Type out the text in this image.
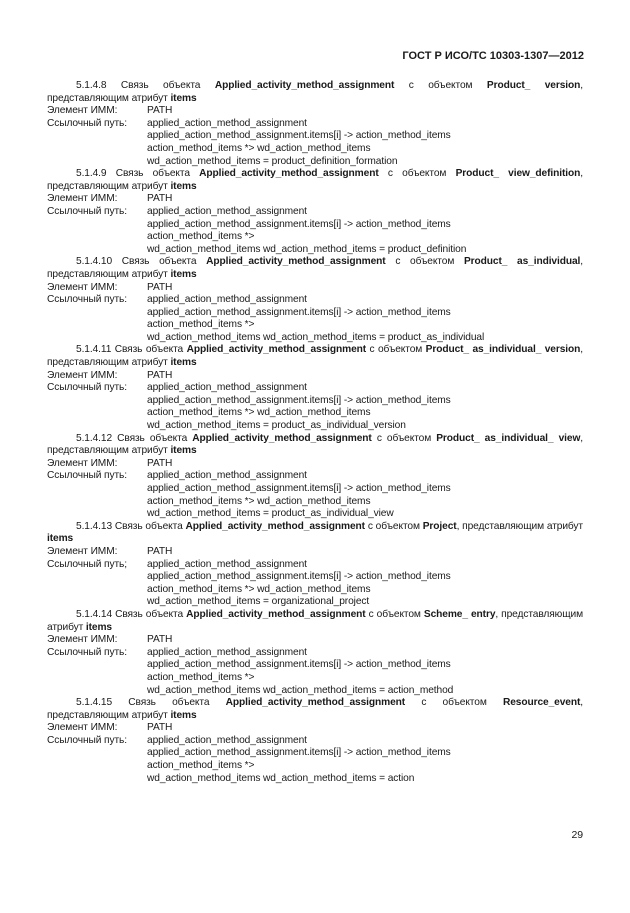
ГОСТ Р ИСО/ТС 10303-1307—2012
5.1.4.8 Связь объекта Applied_activity_method_assignment с объектом Product_ version, представляющим атрибут items
Элемент ИММ:	PATH
Ссылочный путь:	applied_action_method_assignment
applied_action_method_assignment.items[i] -> action_method_items
action_method_items *> wd_action_method_items
wd_action_method_items = product_definition_formation
5.1.4.9 Связь объекта Applied_activity_method_assignment с объектом Product_ view_definition, представляющим атрибут items
Элемент ИММ:	PATH
Ссылочный путь:	applied_action_method_assignment
applied_action_method_assignment.items[i] -> action_method_items
action_method_items *>
wd_action_method_items wd_action_method_items = product_definition
5.1.4.10 Связь объекта Applied_activity_method_assignment с объектом Product_ as_individual, представляющим атрибут items
Элемент ИММ:	PATH
Ссылочный путь:	applied_action_method_assignment
applied_action_method_assignment.items[i] -> action_method_items
action_method_items *>
wd_action_method_items wd_action_method_items = product_as_individual
5.1.4.11 Связь объекта Applied_activity_method_assignment с объектом Product_ as_individual_ version, представляющим атрибут items
Элемент ИММ:	PATH
Ссылочный путь:	applied_action_method_assignment
applied_action_method_assignment.items[i] -> action_method_items
action_method_items *> wd_action_method_items
wd_action_method_items = product_as_individual_version
5.1.4.12 Связь объекта Applied_activity_method_assignment с объектом Product_ as_individual_ view, представляющим атрибут items
Элемент ИММ:	PATH
Ссылочный путь:	applied_action_method_assignment
applied_action_method_assignment.items[i] -> action_method_items
action_method_items *> wd_action_method_items
wd_action_method_items = product_as_individual_view
5.1.4.13 Связь объекта Applied_activity_method_assignment с объектом Project, представляющим атрибут items
Элемент ИММ:	PATH
Ссылочный путь;	applied_action_method_assignment
applied_action_method_assignment.items[i] -> action_method_items
action_method_items *> wd_action_method_items
wd_action_method_items = organizational_project
5.1.4.14 Связь объекта Applied_activity_method_assignment с объектом Scheme_ entry, представляющим атрибут items
Элемент ИММ:	PATH
Ссылочный путь:	applied_action_method_assignment
applied_action_method_assignment.items[i] -> action_method_items
action_method_items *>
wd_action_method_items wd_action_method_items = action_method
5.1.4.15 Связь объекта Applied_activity_method_assignment с объектом Resource_event, представляющим атрибут items
Элемент ИММ:	PATH
Ссылочный путь:	applied_action_method_assignment
applied_action_method_assignment.items[i] -> action_method_items
action_method_items *>
wd_action_method_items wd_action_method_items = action
29
